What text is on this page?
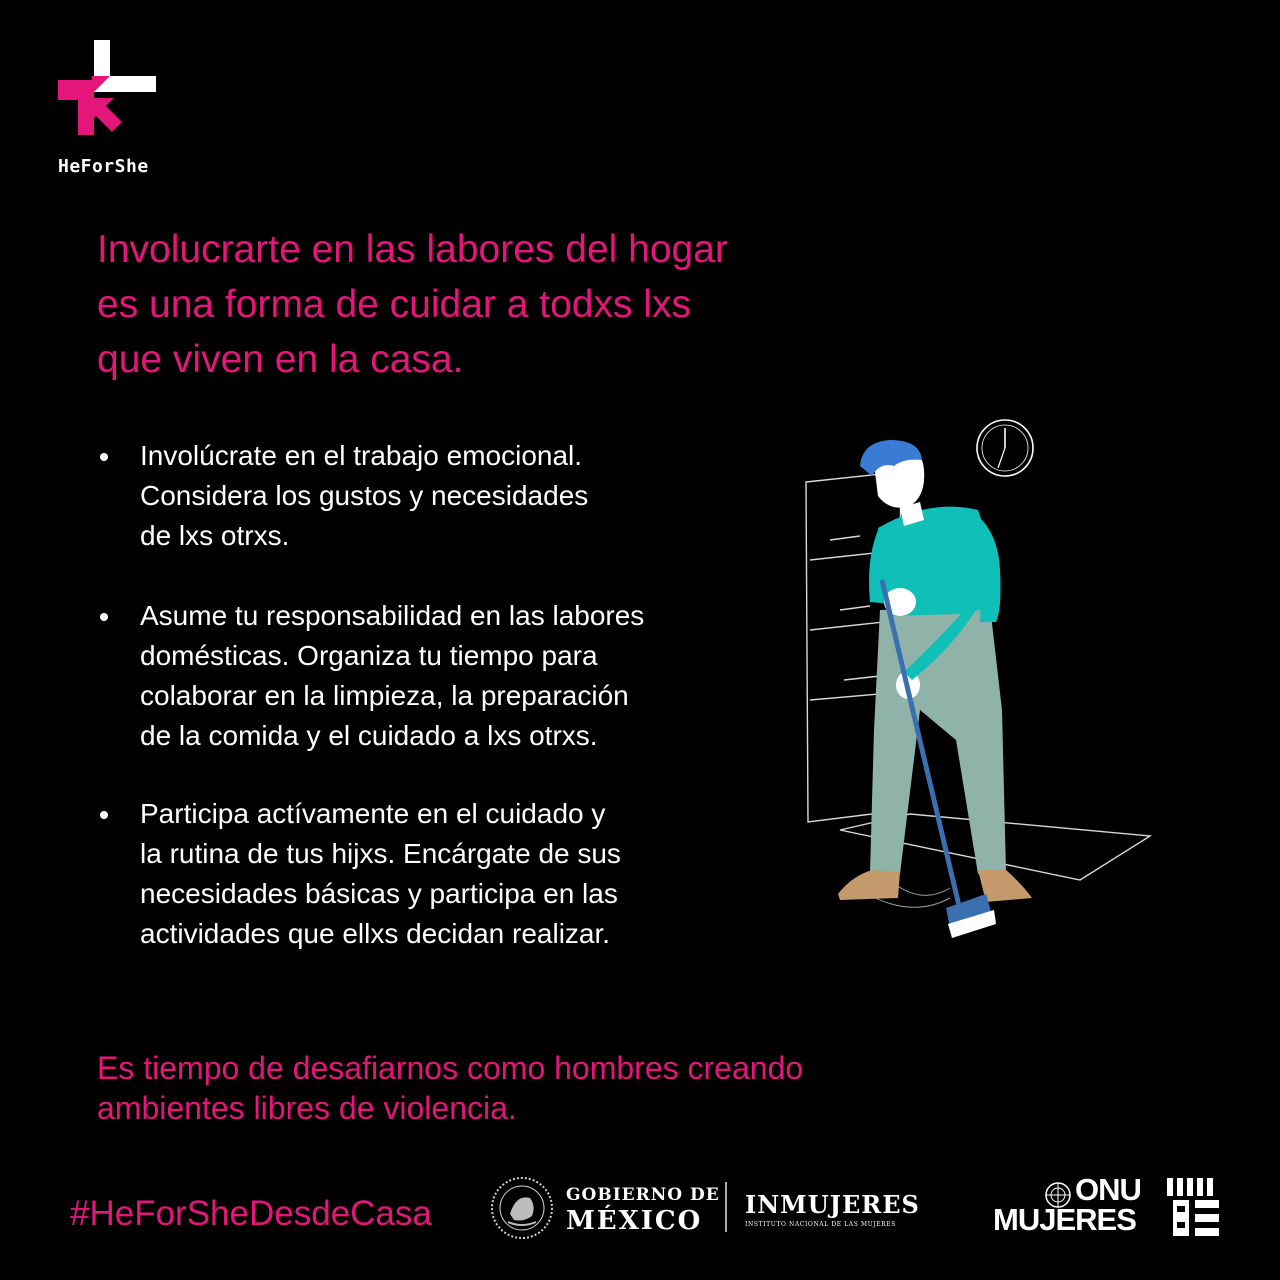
HeForShe
Involucrarte en las labores del hogar
es una forma de cuidar a todxs lxs
que viven en la casa.
Involúcrate en el trabajo emocional.
Considera los gustos y necesidades
de lxs otrxs.
Asume tu responsabilidad en las labores
domésticas. Organiza tu tiempo para
colaborar en la limpieza, la preparación
de la comida y el cuidado a lxs otrxs.
Participa actívamente en el cuidado y
la rutina de tus hijxs. Encárgate de sus
necesidades básicas y participa en las
actividades que ellxs decidan realizar.

Es tiempo de desafiarnos como hombres creando
ambientes libres de violencia.

#HeForSheDesdeCasa	GOBIERNO DE
MÉXICO
INMUJERES
INSTITUTO NACIONAL DE LAS MUJERES
ONU
MUJERES
